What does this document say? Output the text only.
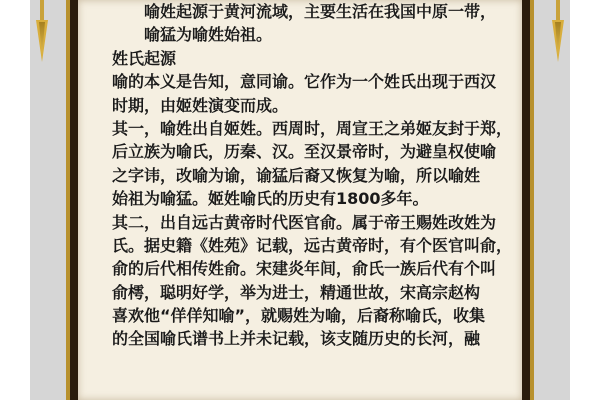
喻姓起源于黄河流域，主要生活在我国中原一带，
喻猛为喻姓始祖。
姓氏起源
喻的本义是告知，意同谕。它作为一个姓氏出现于西汉
时期，由姬姓演变而成。
其一，喻姓出自姬姓。西周时，周宣王之弟姬友封于郑，
后立族为喻氏，历秦、汉。至汉景帝时，为避皇权使喻
之字讳，改喻为谕，谕猛后裔又恢复为喻，所以喻姓
始祖为喻猛。姬姓喻氏的历史有1800多年。
其二，出自远古黄帝时代医官俞。属于帝王赐姓改姓为
氏。据史籍《姓苑》记载，远古黄帝时，有个医官叫俞，
俞的后代相传姓俞。宋建炎年间，俞氏一族后代有个叫
俞樗，聪明好学，举为进士，精通世故，宋高宗赵构
喜欢他“佯佯知喻”，就赐姓为喻，后裔称喻氏，收集
的全国喻氏谱书上并未记载，该支随历史的长河，融
